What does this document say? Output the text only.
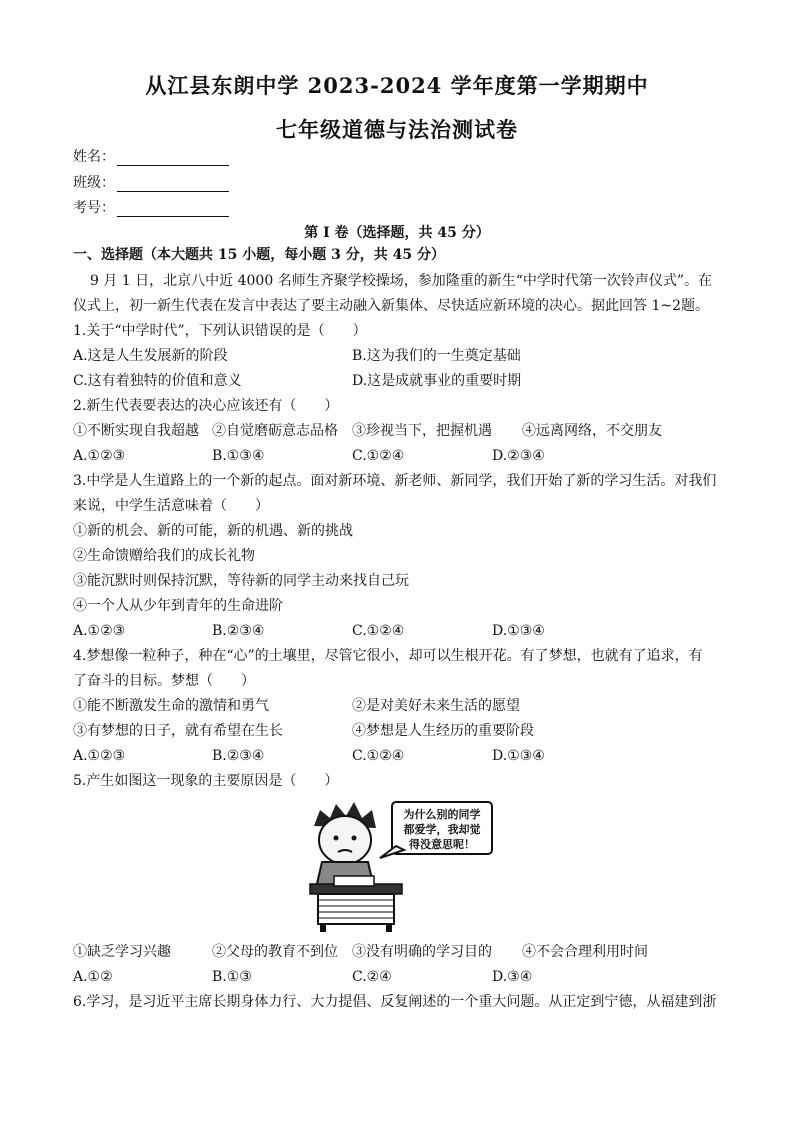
从江县东朗中学 2023-2024 学年度第一学期期中
七年级道德与法治测试卷
姓名：
班级：
考号：
第 I 卷（选择题，共 45 分）
一、选择题（本大题共 15 小题，每小题 3 分，共 45 分）
9 月 1 日，北京八中近 4000 名师生齐聚学校操场，参加隆重的新生“中学时代第一次铃声仪式”。在
仪式上，初一新生代表在发言中表达了要主动融入新集体、尽快适应新环境的决心。据此回答 1~2题。
1.关于“中学时代”，下列认识错误的是（　　）
A.这是人生发展新的阶段	B.这为我们的一生奠定基础
C.这有着独特的价值和意义	D.这是成就事业的重要时期
2.新生代表要表达的决心应该还有（　　）
①不断实现自我超越 ②自觉磨砺意志品格 ③珍视当下，把握机遇 ④远离网络，不交朋友
A.①②③	B.①③④	C.①②④	D.②③④
3.中学是人生道路上的一个新的起点。面对新环境、新老师、新同学，我们开始了新的学习生活。对我们
来说，中学生活意味着（　　）
①新的机会、新的可能，新的机遇、新的挑战
②生命馈赠给我们的成长礼物
③能沉默时则保持沉默，等待新的同学主动来找自己玩
④一个人从少年到青年的生命进阶
A.①②③	B.②③④	C.①②④	D.①③④
4.梦想像一粒种子，种在“心”的土壤里，尽管它很小，却可以生根开花。有了梦想，也就有了追求，有
了奋斗的目标。梦想（　　）
①能不断激发生命的激情和勇气	②是对美好未来生活的愿望
③有梦想的日子，就有希望在生长	④梦想是人生经历的重要阶段
A.①②③	B.②③④	C.①②④	D.①③④
5.产生如图这一现象的主要原因是（　　）
为什么别的同学
都爱学，我却觉
得没意思呢！
①缺乏学习兴趣	②父母的教育不到位 ③没有明确的学习目的 ④不会合理利用时间
A.①②	B.①③	C.②④	D.③④
6.学习，是习近平主席长期身体力行、大力提倡、反复阐述的一个重大问题。从正定到宁德，从福建到浙
